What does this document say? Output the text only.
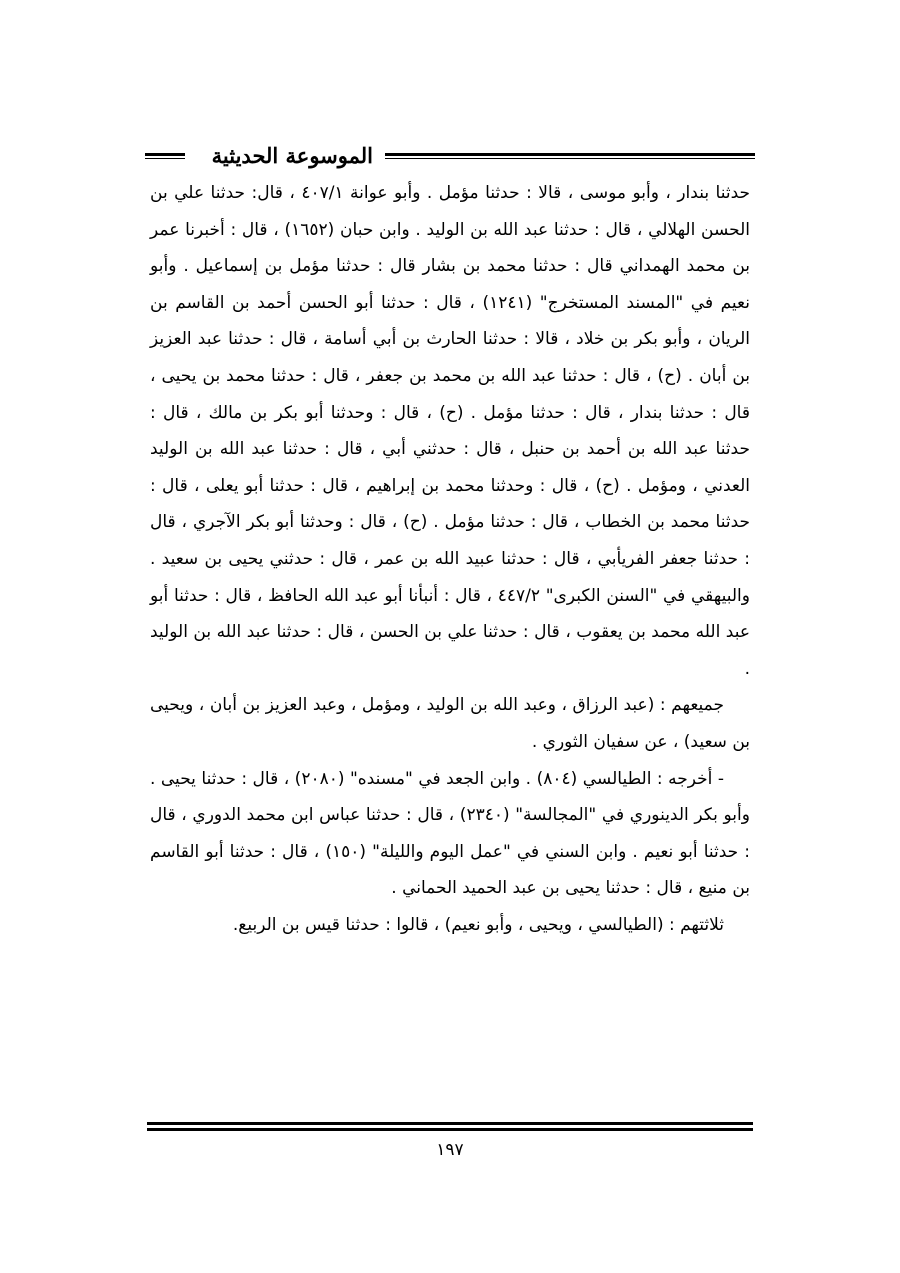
الموسوعة الحديثية

حدثنا بندار ، وأبو موسى ، قالا : حدثنا مؤمل . وأبو عوانة ٤٠٧/١ ، قال: حدثنا علي بن الحسن الهلالي ، قال : حدثنا عبد الله بن الوليد . وابن حبان (١٦٥٢) ، قال : أخبرنا عمر بن محمد الهمداني قال : حدثنا محمد بن بشار قال : حدثنا مؤمل بن إسماعيل . وأبو نعيم في "المسند المستخرج" (١٢٤١) ، قال : حدثنا أبو الحسن أحمد بن القاسم بن الريان ، وأبو بكر بن خلاد ، قالا : حدثنا الحارث بن أبي أسامة ، قال : حدثنا عبد العزيز بن أبان . (ح) ، قال : حدثنا عبد الله بن محمد بن جعفر ، قال : حدثنا محمد بن يحيى ، قال : حدثنا بندار ، قال : حدثنا مؤمل . (ح) ، قال : وحدثنا أبو بكر بن مالك ، قال : حدثنا عبد الله بن أحمد بن حنبل ، قال : حدثني أبي ، قال : حدثنا عبد الله بن الوليد العدني ، ومؤمل . (ح) ، قال : وحدثنا محمد بن إبراهيم ، قال : حدثنا أبو يعلى ، قال : حدثنا محمد بن الخطاب ، قال : حدثنا مؤمل . (ح) ، قال : وحدثنا أبو بكر الآجري ، قال : حدثنا جعفر الفريأبي ، قال : حدثنا عبيد الله بن عمر ، قال : حدثني يحيى بن سعيد . والبيهقي في "السنن الكبرى" ٤٤٧/٢ ، قال : أنبأنا أبو عبد الله الحافظ ، قال : حدثنا أبو عبد الله محمد بن يعقوب ، قال : حدثنا علي بن الحسن ، قال : حدثنا عبد الله بن الوليد .

جميعهم : (عبد الرزاق ، وعبد الله بن الوليد ، ومؤمل ، وعبد العزيز بن أبان ، ويحيى بن سعيد) ، عن سفيان الثوري .

- أخرجه : الطيالسي (٨٠٤) . وابن الجعد في "مسنده" (٢٠٨٠) ، قال : حدثنا يحيى . وأبو بكر الدينوري في "المجالسة" (٢٣٤٠) ، قال : حدثنا عباس ابن محمد الدوري ، قال : حدثنا أبو نعيم . وابن السني في "عمل اليوم والليلة" (١٥٠) ، قال : حدثنا أبو القاسم بن منيع ، قال : حدثنا يحيى بن عبد الحميد الحماني .

ثلاثتهم : (الطيالسي ، ويحيى ، وأبو نعيم) ، قالوا : حدثنا قيس بن الربيع.

١٩٧
